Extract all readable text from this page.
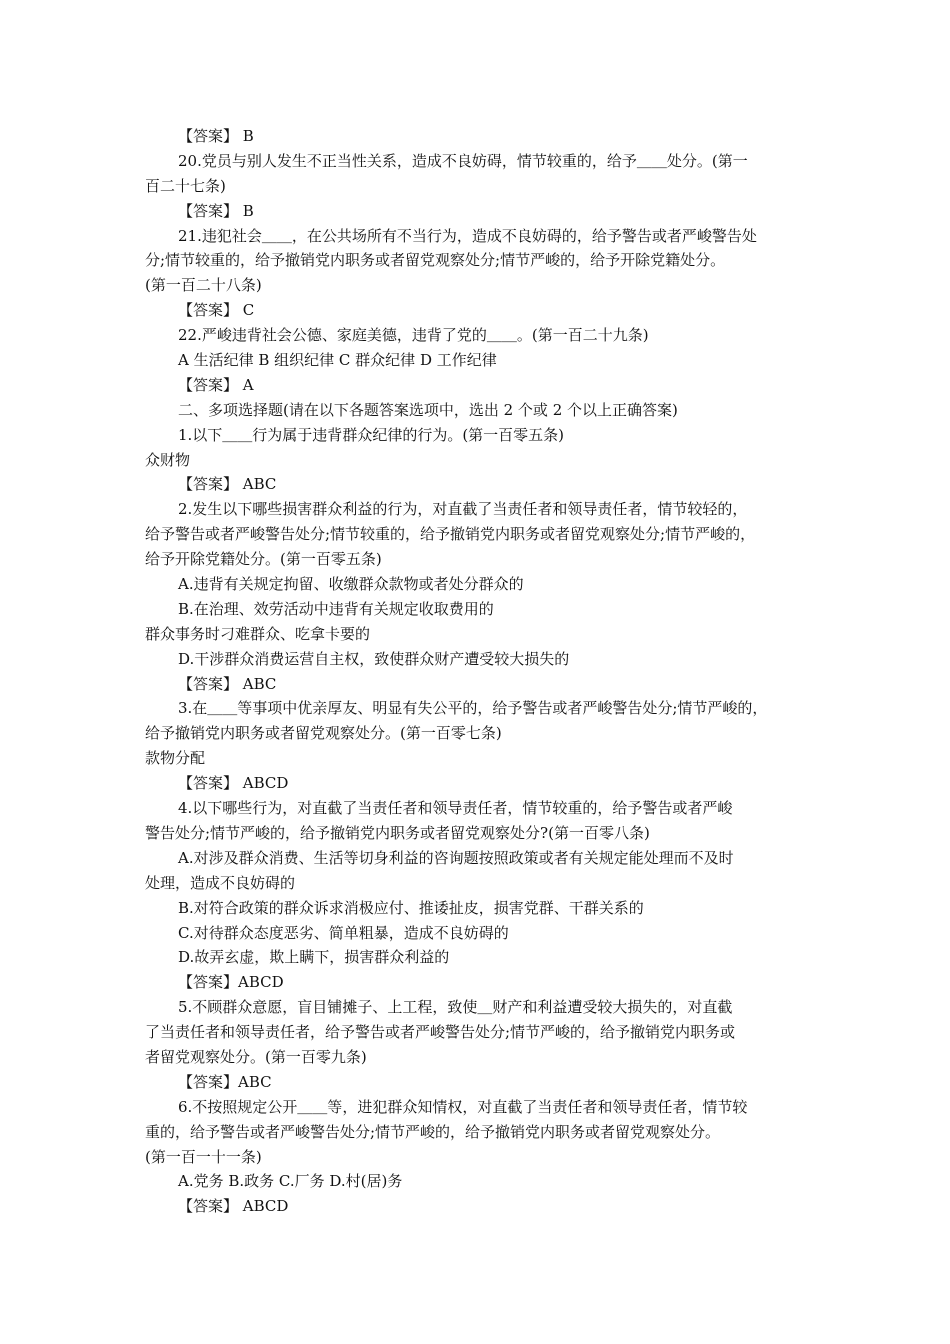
【答案】 B
20.党员与别人发生不正当性关系，造成不良妨碍，情节较重的，给予＿＿处分。(第一
百二十七条)
【答案】 B
21.违犯社会＿＿，在公共场所有不当行为，造成不良妨碍的，给予警告或者严峻警告处
分;情节较重的，给予撤销党内职务或者留党观察处分;情节严峻的，给予开除党籍处分。
(第一百二十八条)
【答案】 C
22.严峻违背社会公德、家庭美德，违背了党的＿＿。(第一百二十九条)
A 生活纪律 B 组织纪律 C 群众纪律 D 工作纪律
【答案】 A
二、多项选择题(请在以下各题答案选项中，选出 2 个或 2 个以上正确答案)
1.以下＿＿行为属于违背群众纪律的行为。(第一百零五条)
众财物
【答案】 ABC
2.发生以下哪些损害群众利益的行为，对直截了当责任者和领导责任者，情节较轻的，
给予警告或者严峻警告处分;情节较重的，给予撤销党内职务或者留党观察处分;情节严峻的，
给予开除党籍处分。(第一百零五条)
A.违背有关规定拘留、收缴群众款物或者处分群众的
B.在治理、效劳活动中违背有关规定收取费用的
群众事务时刁难群众、吃拿卡要的
D.干涉群众消费运营自主权，致使群众财产遭受较大损失的
【答案】 ABC
3.在＿＿等事项中优亲厚友、明显有失公平的，给予警告或者严峻警告处分;情节严峻的，
给予撤销党内职务或者留党观察处分。(第一百零七条)
款物分配
【答案】 ABCD
4.以下哪些行为，对直截了当责任者和领导责任者，情节较重的，给予警告或者严峻
警告处分;情节严峻的，给予撤销党内职务或者留党观察处分?(第一百零八条)
A.对涉及群众消费、生活等切身利益的咨询题按照政策或者有关规定能处理而不及时
处理，造成不良妨碍的
B.对符合政策的群众诉求消极应付、推诿扯皮，损害党群、干群关系的
C.对待群众态度恶劣、简单粗暴，造成不良妨碍的
D.故弄玄虚，欺上瞒下，损害群众利益的
【答案】ABCD
5.不顾群众意愿，盲目铺摊子、上工程，致使＿财产和利益遭受较大损失的，对直截
了当责任者和领导责任者，给予警告或者严峻警告处分;情节严峻的，给予撤销党内职务或
者留党观察处分。(第一百零九条)
【答案】ABC
6.不按照规定公开＿＿等，进犯群众知情权，对直截了当责任者和领导责任者，情节较
重的，给予警告或者严峻警告处分;情节严峻的，给予撤销党内职务或者留党观察处分。
(第一百一十一条)
A.党务 B.政务 C.厂务 D.村(居)务
【答案】 ABCD
